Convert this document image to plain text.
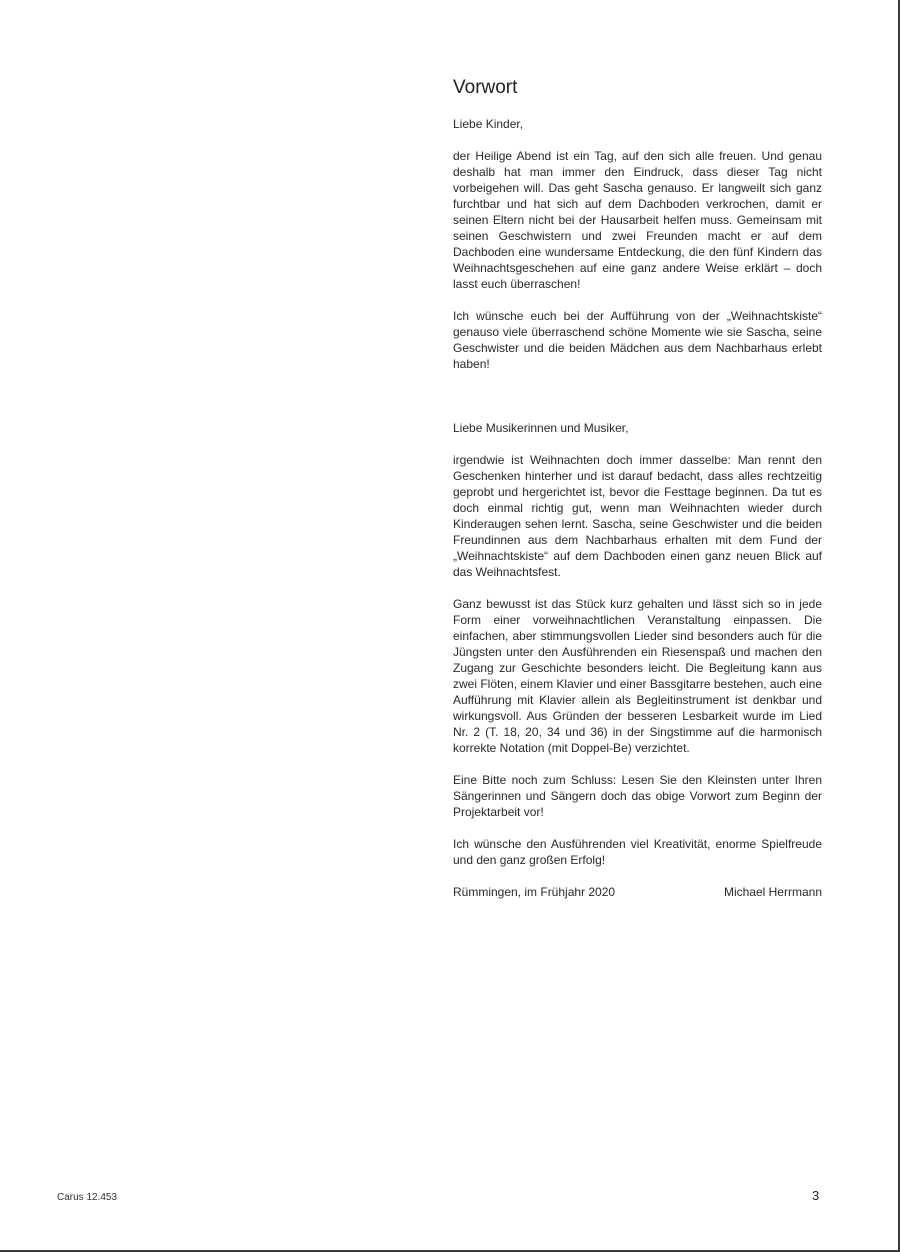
Vorwort

Liebe Kinder,

der Heilige Abend ist ein Tag, auf den sich alle freuen. Und genau deshalb hat man immer den Eindruck, dass dieser Tag nicht vorbeigehen will. Das geht Sascha genauso. Er langweilt sich ganz furchtbar und hat sich auf dem Dachboden verkrochen, damit er seinen Eltern nicht bei der Hausarbeit helfen muss. Gemeinsam mit seinen Geschwistern und zwei Freunden macht er auf dem Dachboden eine wundersame Entdeckung, die den fünf Kindern das Weihnachtsgeschehen auf eine ganz andere Weise erklärt – doch lasst euch überraschen!

Ich wünsche euch bei der Aufführung von der „Weihnachtskiste“ genauso viele überraschend schöne Momente wie sie Sascha, seine Geschwister und die beiden Mädchen aus dem Nachbarhaus erlebt haben!

Liebe Musikerinnen und Musiker,

irgendwie ist Weihnachten doch immer dasselbe: Man rennt den Geschenken hinterher und ist darauf bedacht, dass alles rechtzeitig geprobt und hergerichtet ist, bevor die Festtage beginnen. Da tut es doch einmal richtig gut, wenn man Weihnachten wieder durch Kinderaugen sehen lernt. Sascha, seine Geschwister und die beiden Freundinnen aus dem Nachbarhaus erhalten mit dem Fund der „Weihnachtskiste“ auf dem Dachboden einen ganz neuen Blick auf das Weihnachtsfest.

Ganz bewusst ist das Stück kurz gehalten und lässt sich so in jede Form einer vorweihnachtlichen Veranstaltung einpassen. Die einfachen, aber stimmungsvollen Lieder sind besonders auch für die Jüngsten unter den Ausführenden ein Riesenspaß und machen den Zugang zur Geschichte besonders leicht. Die Begleitung kann aus zwei Flöten, einem Klavier und einer Bassgitarre bestehen, auch eine Aufführung mit Klavier allein als Begleitinstrument ist denkbar und wirkungsvoll. Aus Gründen der besseren Lesbarkeit wurde im Lied Nr. 2 (T. 18, 20, 34 und 36) in der Singstimme auf die harmonisch korrekte Notation (mit Doppel-Be) verzichtet.

Eine Bitte noch zum Schluss: Lesen Sie den Kleinsten unter Ihren Sängerinnen und Sängern doch das obige Vorwort zum Beginn der Projektarbeit vor!

Ich wünsche den Ausführenden viel Kreativität, enorme Spielfreude und den ganz großen Erfolg!

Rümmingen, im Frühjahr 2020	Michael Herrmann
Carus 12.453	3
